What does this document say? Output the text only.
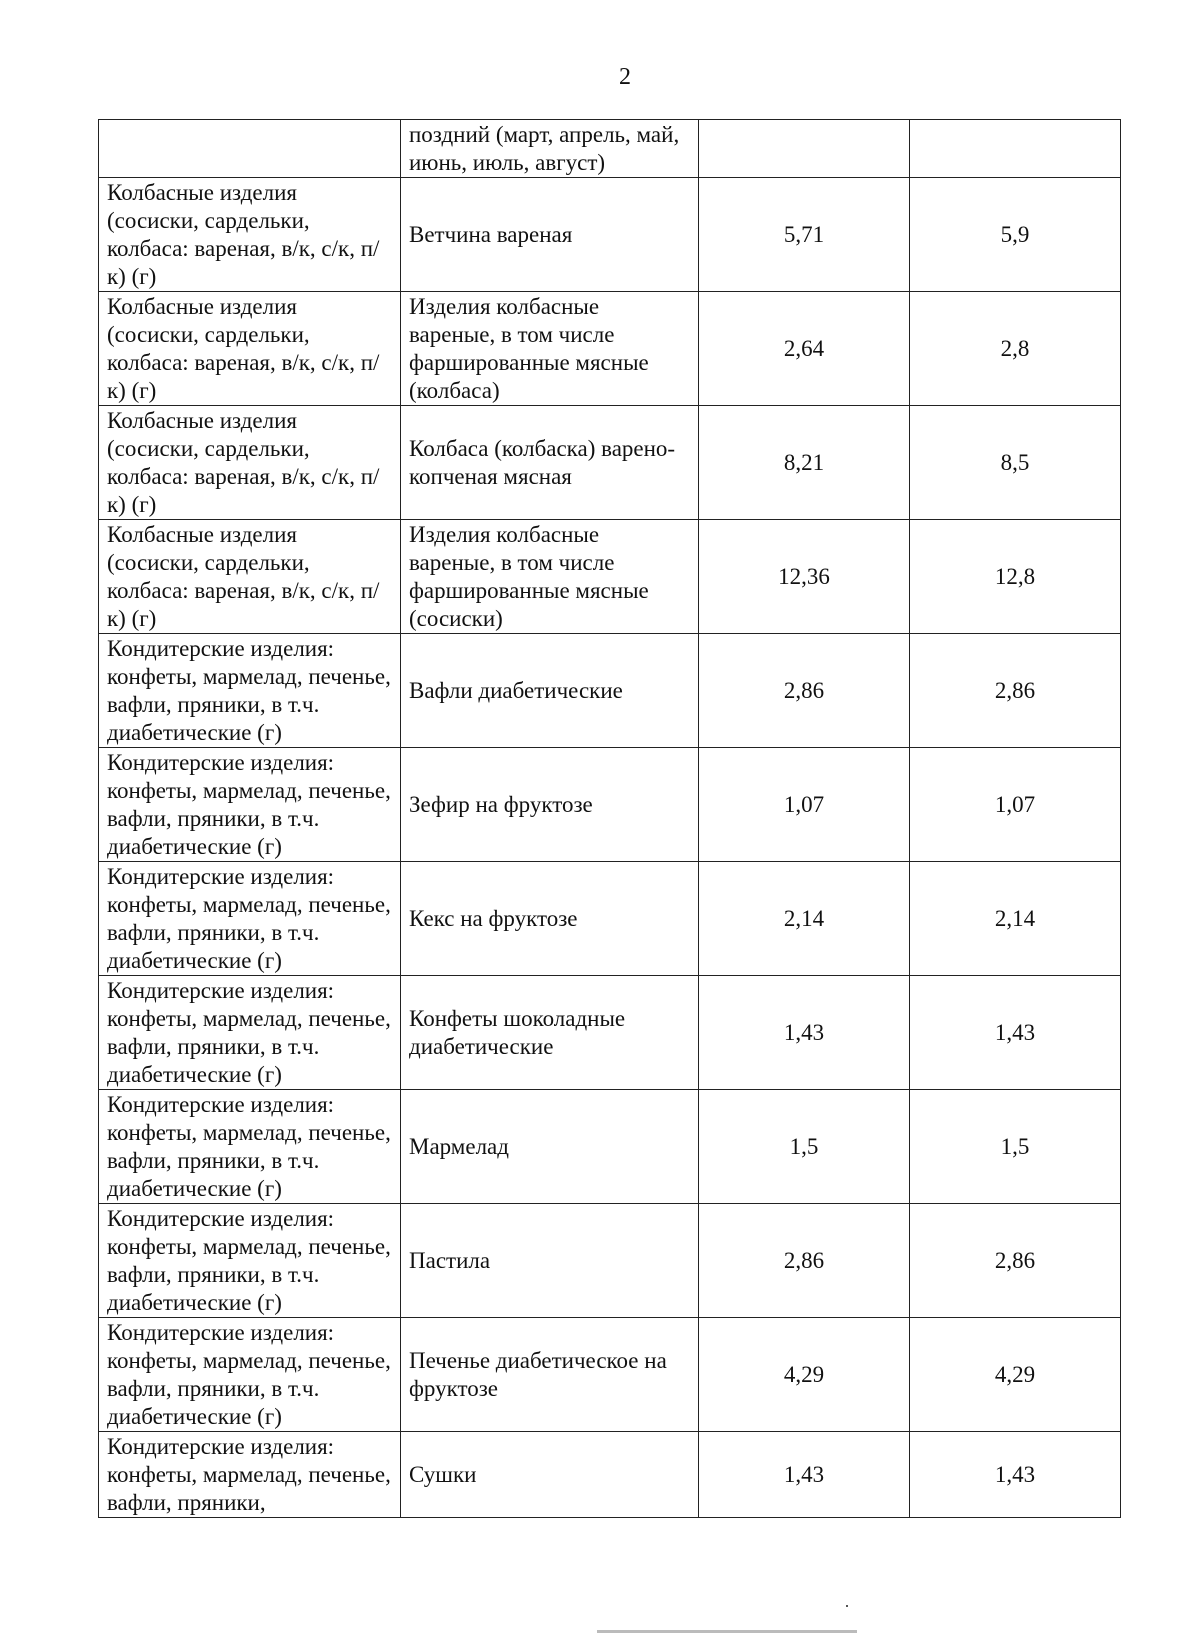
2
	поздний (март, апрель, май, июнь, июль, август)		
Колбасные изделия (сосиски, сардельки, колбаса: вареная, в/к, с/к, п/к) (г)	Ветчина вареная	5,71	5,9
Колбасные изделия (сосиски, сардельки, колбаса: вареная, в/к, с/к, п/к) (г)	Изделия колбасные вареные, в том числе фаршированные мясные (колбаса)	2,64	2,8
Колбасные изделия (сосиски, сардельки, колбаса: вареная, в/к, с/к, п/к) (г)	Колбаса (колбаска) варено-копченая мясная	8,21	8,5
Колбасные изделия (сосиски, сардельки, колбаса: вареная, в/к, с/к, п/к) (г)	Изделия колбасные вареные, в том числе фаршированные мясные (сосиски)	12,36	12,8
Кондитерские изделия: конфеты, мармелад, печенье, вафли, пряники, в т.ч. диабетические (г)	Вафли диабетические	2,86	2,86
Кондитерские изделия: конфеты, мармелад, печенье, вафли, пряники, в т.ч. диабетические (г)	Зефир на фруктозе	1,07	1,07
Кондитерские изделия: конфеты, мармелад, печенье, вафли, пряники, в т.ч. диабетические (г)	Кекс на фруктозе	2,14	2,14
Кондитерские изделия: конфеты, мармелад, печенье, вафли, пряники, в т.ч. диабетические (г)	Конфеты шоколадные диабетические	1,43	1,43
Кондитерские изделия: конфеты, мармелад, печенье, вафли, пряники, в т.ч. диабетические (г)	Мармелад	1,5	1,5
Кондитерские изделия: конфеты, мармелад, печенье, вафли, пряники, в т.ч. диабетические (г)	Пастила	2,86	2,86
Кондитерские изделия: конфеты, мармелад, печенье, вафли, пряники, в т.ч. диабетические (г)	Печенье диабетическое на фруктозе	4,29	4,29
Кондитерские изделия: конфеты, мармелад, печенье, вафли, пряники,	Сушки	1,43	1,43
